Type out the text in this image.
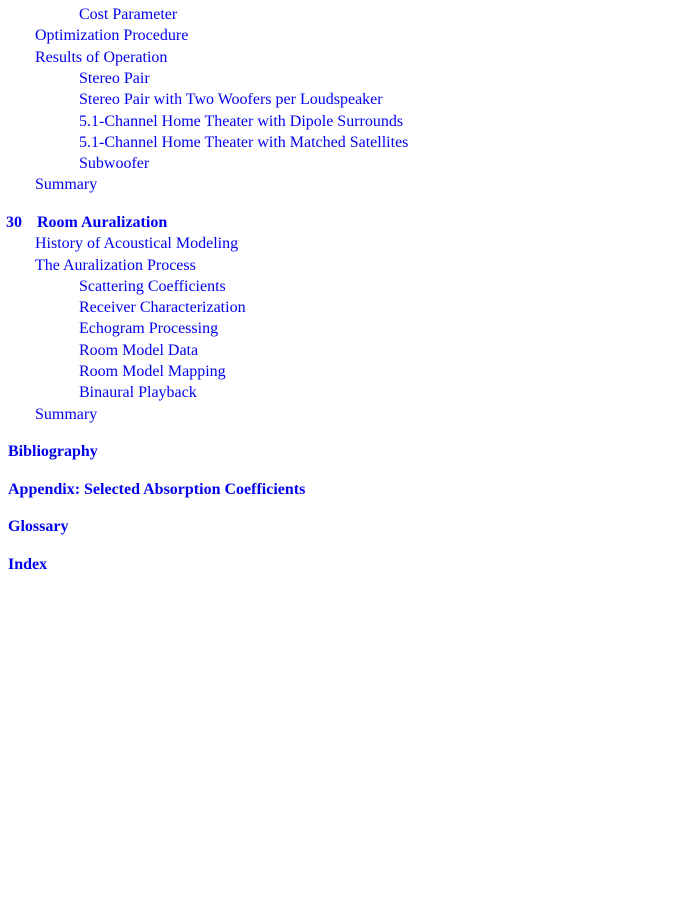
Cost Parameter
Optimization Procedure
Results of Operation
Stereo Pair
Stereo Pair with Two Woofers per Loudspeaker
5.1-Channel Home Theater with Dipole Surrounds
5.1-Channel Home Theater with Matched Satellites
Subwoofer
Summary
30 Room Auralization
History of Acoustical Modeling
The Auralization Process
Scattering Coefficients
Receiver Characterization
Echogram Processing
Room Model Data
Room Model Mapping
Binaural Playback
Summary
Bibliography
Appendix: Selected Absorption Coefficients
Glossary
Index
